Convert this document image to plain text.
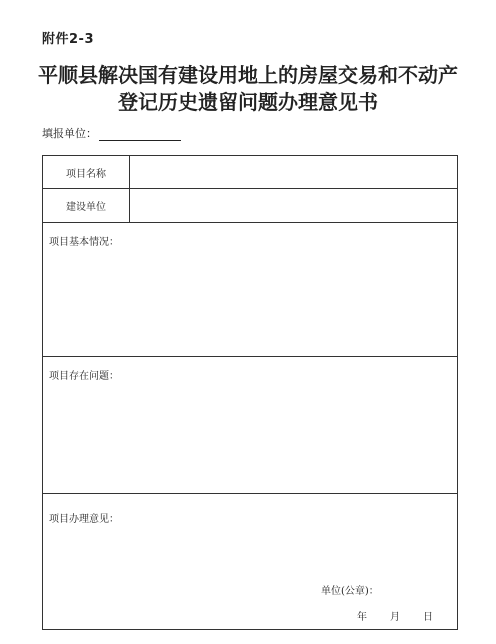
附件2-3
平顺县解决国有建设用地上的房屋交易和不动产
登记历史遗留问题办理意见书
填报单位：
项目名称
建设单位
项目基本情况：
项目存在问题：
项目办理意见：
单位(公章)：
年 月 日
